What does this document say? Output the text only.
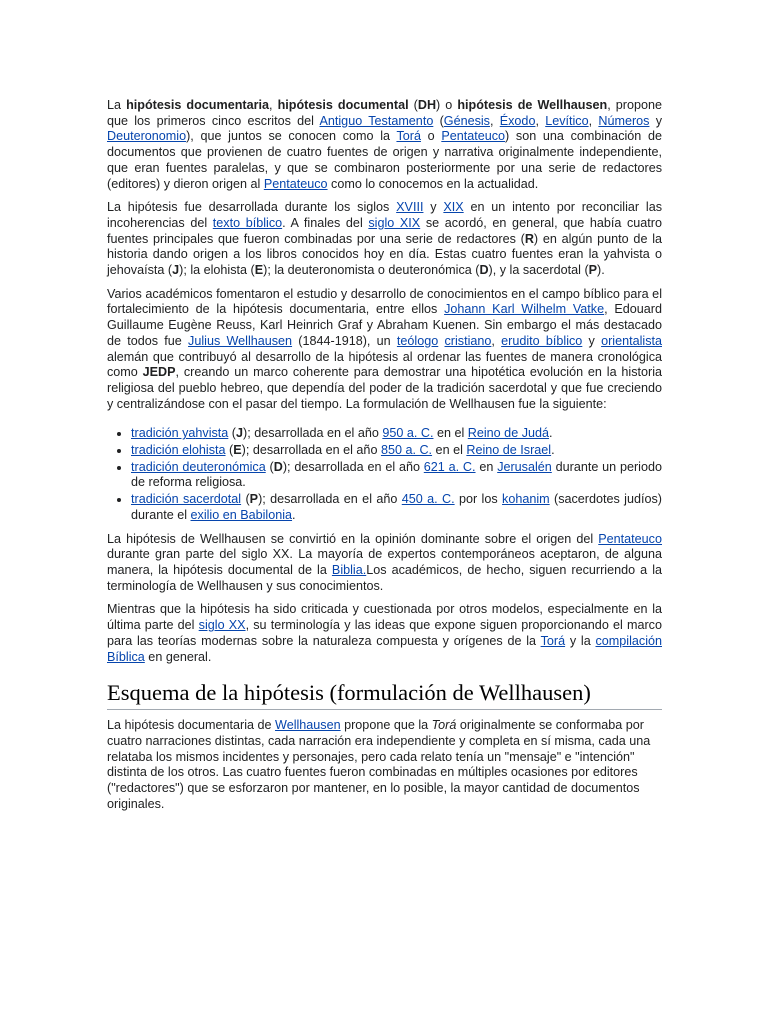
La hipótesis documentaria, hipótesis documental (DH) o hipótesis de Wellhausen, propone que los primeros cinco escritos del Antiguo Testamento (Génesis, Éxodo, Levítico, Números y Deuteronomio), que juntos se conocen como la Torá o Pentateuco) son una combinación de documentos que provienen de cuatro fuentes de origen y narrativa originalmente independiente, que eran fuentes paralelas, y que se combinaron posteriormente por una serie de redactores (editores) y dieron origen al Pentateuco como lo conocemos en la actualidad.

La hipótesis fue desarrollada durante los siglos XVIII y XIX en un intento por reconciliar las incoherencias del texto bíblico. A finales del siglo XIX se acordó, en general, que había cuatro fuentes principales que fueron combinadas por una serie de redactores (R) en algún punto de la historia dando origen a los libros conocidos hoy en día. Estas cuatro fuentes eran la yahvista o jehovaísta (J); la elohista (E); la deuteronomista o deuteronómica (D), y la sacerdotal (P).

Varios académicos fomentaron el estudio y desarrollo de conocimientos en el campo bíblico para el fortalecimiento de la hipótesis documentaria, entre ellos Johann Karl Wilhelm Vatke, Edouard Guillaume Eugène Reuss, Karl Heinrich Graf y Abraham Kuenen. Sin embargo el más destacado de todos fue Julius Wellhausen (1844-1918), un teólogo cristiano, erudito bíblico y orientalista alemán que contribuyó al desarrollo de la hipótesis al ordenar las fuentes de manera cronológica como JEDP, creando un marco coherente para demostrar una hipotética evolución en la historia religiosa del pueblo hebreo, que dependía del poder de la tradición sacerdotal y que fue creciendo y centralizándose con el pasar del tiempo. La formulación de Wellhausen fue la siguiente:

• tradición yahvista (J); desarrollada en el año 950 a. C. en el Reino de Judá.
• tradición elohista (E); desarrollada en el año 850 a. C. en el Reino de Israel.
• tradición deuteronómica (D); desarrollada en el año 621 a. C. en Jerusalén durante un periodo de reforma religiosa.
• tradición sacerdotal (P); desarrollada en el año 450 a. C. por los kohanim (sacerdotes judíos) durante el exilio en Babilonia.

La hipótesis de Wellhausen se convirtió en la opinión dominante sobre el origen del Pentateuco durante gran parte del siglo XX. La mayoría de expertos contemporáneos aceptaron, de alguna manera, la hipótesis documental de la Biblia.Los académicos, de hecho, siguen recurriendo a la terminología de Wellhausen y sus conocimientos.

Mientras que la hipótesis ha sido criticada y cuestionada por otros modelos, especialmente en la última parte del siglo XX, su terminología y las ideas que expone siguen proporcionando el marco para las teorías modernas sobre la naturaleza compuesta y orígenes de la Torá y la compilación Bíblica en general.

Esquema de la hipótesis (formulación de Wellhausen)

La hipótesis documentaria de Wellhausen propone que la Torá originalmente se conformaba por cuatro narraciones distintas, cada narración era independiente y completa en sí misma, cada una relataba los mismos incidentes y personajes, pero cada relato tenía un "mensaje" e "intención" distinta de los otros. Las cuatro fuentes fueron combinadas en múltiples ocasiones por editores ("redactores") que se esforzaron por mantener, en lo posible, la mayor cantidad de documentos originales.
